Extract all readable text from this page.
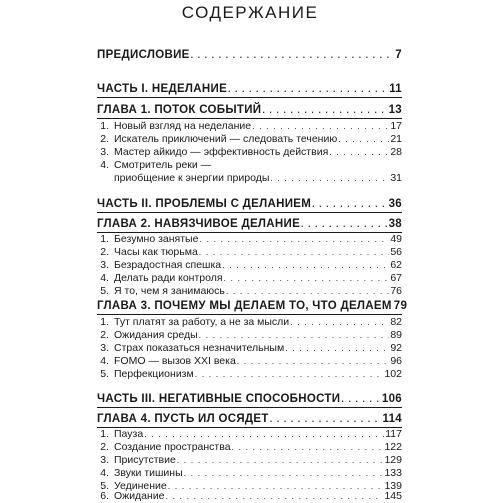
СОДЕРЖАНИЕ
ПРЕДИСЛОВИЕ . . .	7
ЧАСТЬ I. НЕДЕЛАНИЕ . . .	11
ГЛАВА 1. ПОТОК СОБЫТИЙ . . .	13
1. Новый взгляд на неделание . . .	17
2. Искатель приключений — следовать течению . . .	21
3. Мастер айкидо — эффективность действия . . .	28
4. Смотритель реки —
приобщение к энергии природы . . .	31
ЧАСТЬ II. ПРОБЛЕМЫ С ДЕЛАНИЕМ . . .	36
ГЛАВА 2. НАВЯЗЧИВОЕ ДЕЛАНИЕ . . .	38
1. Безумно занятые . . .	49
2. Часы как тюрьма . . .	56
3. Безрадостная спешка . . .	62
4. Делать ради контроля . . .	67
5. Я то, чем я занимаюсь . . .	76
ГЛАВА 3. ПОЧЕМУ МЫ ДЕЛАЕМ ТО, ЧТО ДЕЛАЕМ 79
1. Тут платят за работу, а не за мысли . . .	82
2. Ожидания среды . . .	89
3. Страх показаться незначительным . . .	92
4. FOMO — вызов XXI века . . .	96
5. Перфекционизм . . .	102
ЧАСТЬ III. НЕГАТИВНЫЕ СПОСОБНОСТИ . . .	106
ГЛАВА 4. ПУСТЬ ИЛ ОСЯДЕТ . . .	114
1. Пауза . . .	117
2. Создание пространства . . .	122
3. Присутствие . . .	129
4. Звуки тишины . . .	133
5. Уединение . . .	139
6. Ожидание . . .	145
